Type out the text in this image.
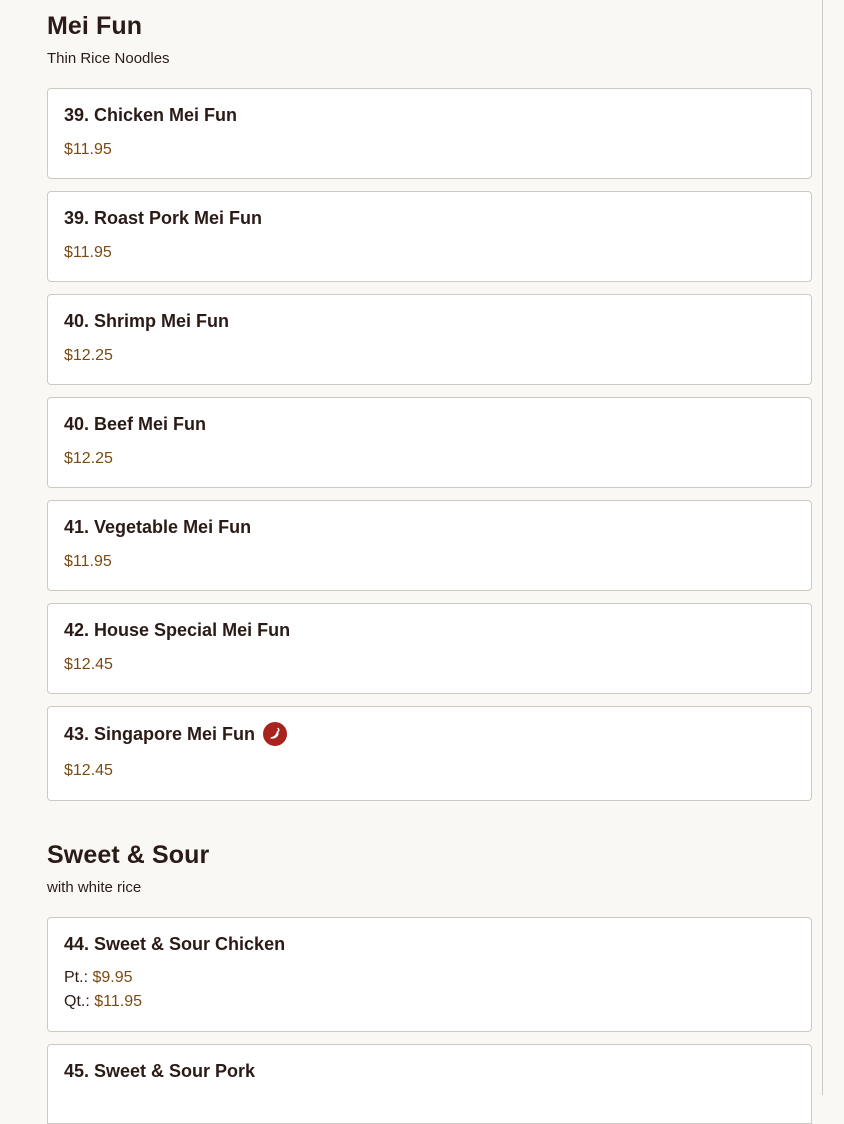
Mei Fun

Thin Rice Noodles

39. Chicken Mei Fun
$11.95
39. Roast Pork Mei Fun
$11.95
40. Shrimp Mei Fun
$12.25
40. Beef Mei Fun
$12.25
41. Vegetable Mei Fun
$11.95
42. House Special Mei Fun
$12.45
43. Singapore Mei Fun
$12.45
Sweet & Sour

with white rice

44. Sweet & Sour Chicken
Pt.: $9.95
Qt.: $11.95
45. Sweet & Sour Pork
